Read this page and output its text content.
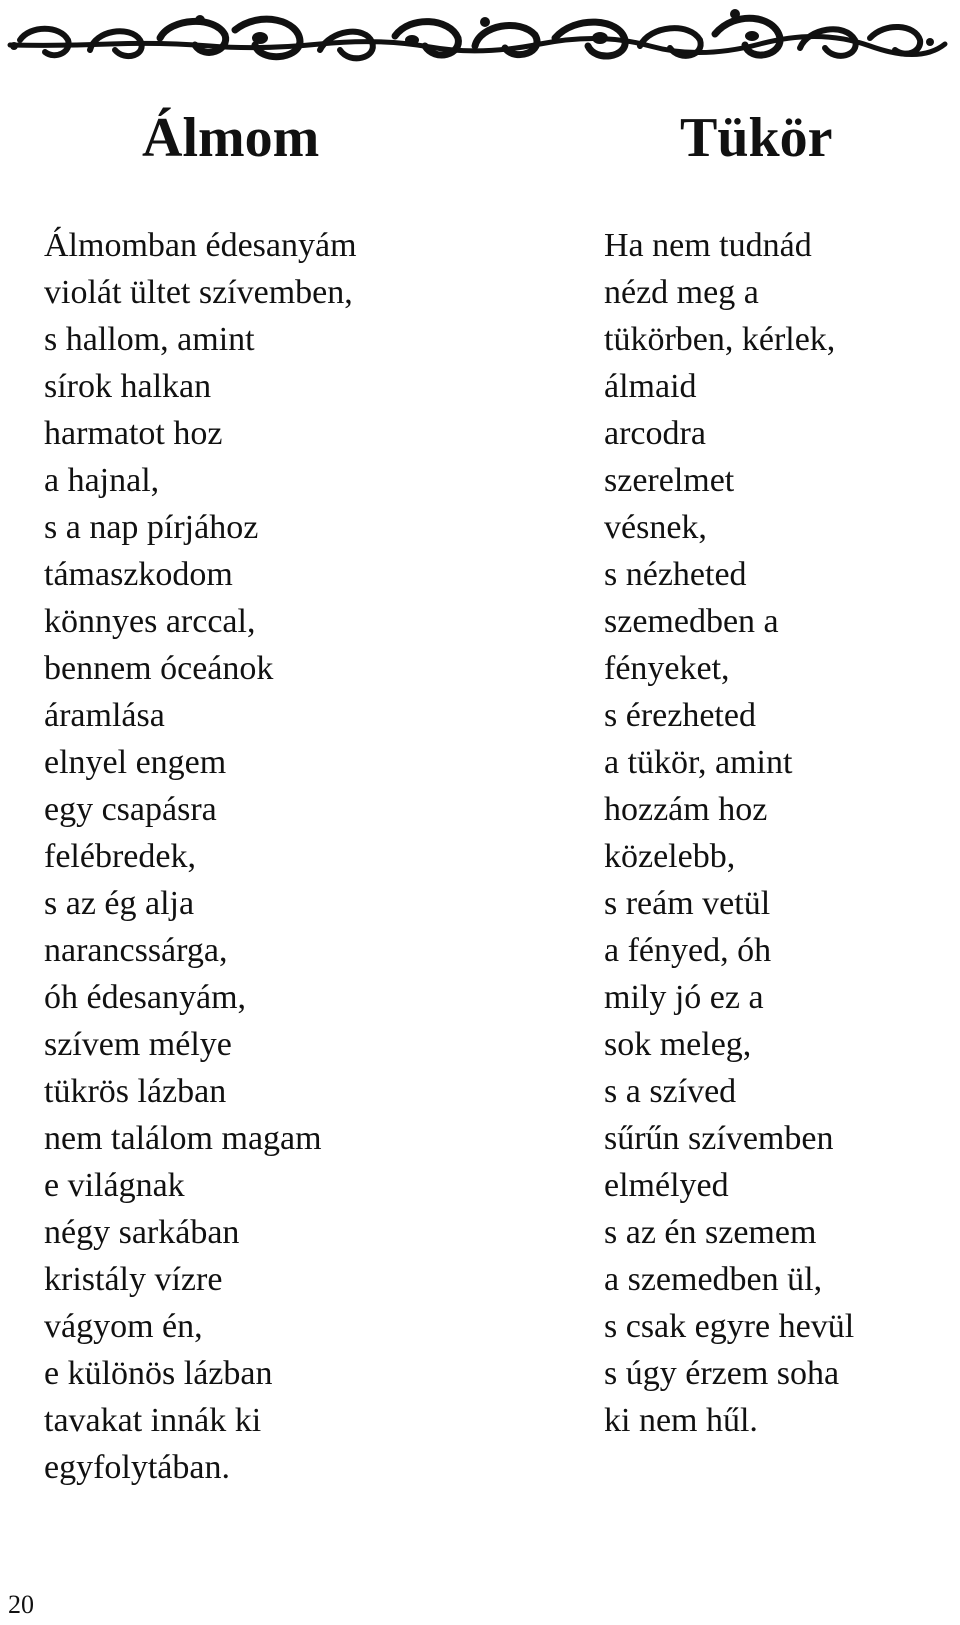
Álmom
Álmomban édesanyám
violát ültet szívemben,
s hallom, amint
sírok halkan
harmatot hoz
a hajnal,
s a nap pírjához
támaszkodom
könnyes arccal,
bennem óceánok
áramlása
elnyel engem
egy csapásra
felébredek,
s az ég alja
narancssárga,
óh édesanyám,
szívem mélye
tükrös lázban
nem találom magam
e világnak
négy sarkában
kristály vízre
vágyom én,
e különös lázban
tavakat innák ki
egyfolytában.
Tükör
Ha nem tudnád
nézd meg a
tükörben, kérlek,
álmaid
arcodra
szerelmet
vésnek,
s nézheted
szemedben a
fényeket,
s érezheted
a tükör, amint
hozzám hoz
közelebb,
s reám vetül
a fényed, óh
mily jó ez a
sok meleg,
s a szíved
sűrűn szívemben
elmélyed
s az én szemem
a szemedben ül,
s csak egyre hevül
s úgy érzem soha
ki nem hűl.
20
